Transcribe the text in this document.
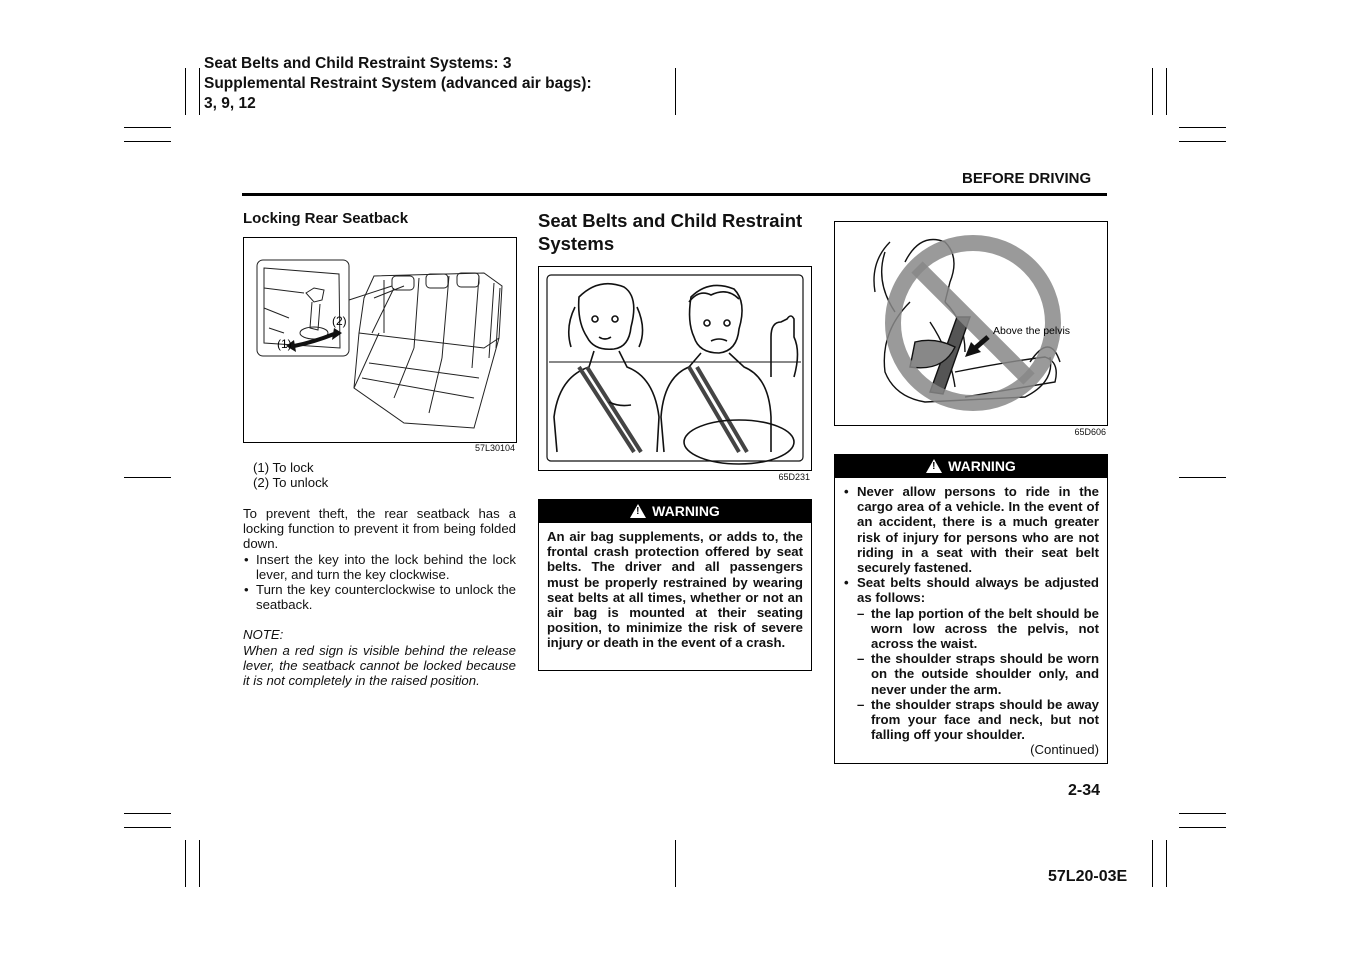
Seat Belts and Child Restraint Systems: 3
Supplemental Restraint System (advanced air bags):
3, 9, 12
BEFORE DRIVING
Locking Rear Seatback
(2)
(1)
57L30104
(1) To lock
(2) To unlock
To prevent theft, the rear seatback has a locking function to prevent it from being folded down.
• Insert the key into the lock behind the lock lever, and turn the key clockwise.
• Turn the key counterclockwise to unlock the seatback.
NOTE:
When a red sign is visible behind the release lever, the seatback cannot be locked because it is not completely in the raised position.
Seat Belts and Child Restraint Systems
65D231
!WARNING
An air bag supplements, or adds to, the frontal crash protection offered by seat belts. The driver and all passengers must be properly restrained by wearing seat belts at all times, whether or not an air bag is mounted at their seating position, to minimize the risk of severe injury or death in the event of a crash.
Above the pelvis
65D606
!WARNING
• Never allow persons to ride in the cargo area of a vehicle. In the event of an accident, there is a much greater risk of injury for persons who are not riding in a seat with their seat belt securely fastened.
• Seat belts should always be adjusted as follows:
– the lap portion of the belt should be worn low across the pelvis, not across the waist.
– the shoulder straps should be worn on the outside shoulder only, and never under the arm.
– the shoulder straps should be away from your face and neck, but not falling off your shoulder.
(Continued)
2-34
57L20-03E
